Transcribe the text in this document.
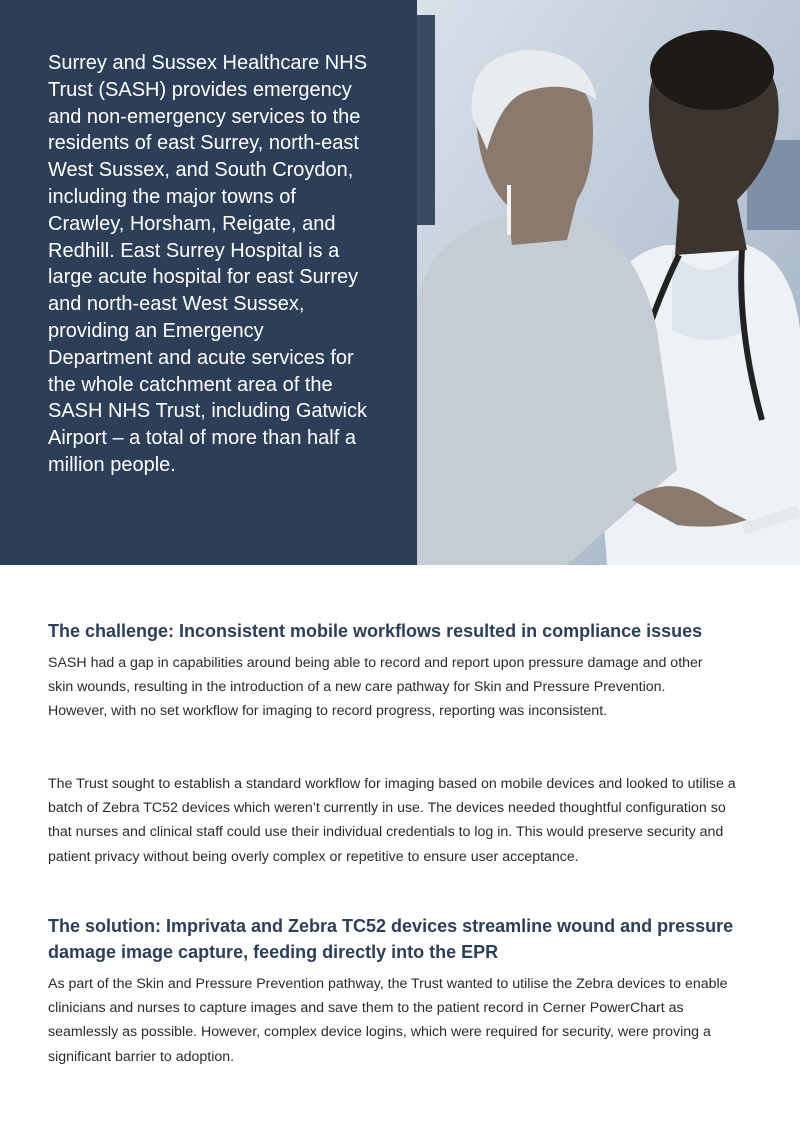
Surrey and Sussex Healthcare NHS Trust (SASH) provides emergency and non-emergency services to the residents of east Surrey, north-east West Sussex, and South Croydon, including the major towns of Crawley, Horsham, Reigate, and Redhill. East Surrey Hospital is a large acute hospital for east Surrey and north-east West Sussex, providing an Emergency Department and acute services for the whole catchment area of the SASH NHS Trust, including Gatwick Airport – a total of more than half a million people.

The challenge: Inconsistent mobile workflows resulted in compliance issues

SASH had a gap in capabilities around being able to record and report upon pressure damage and other skin wounds, resulting in the introduction of a new care pathway for Skin and Pressure Prevention. However, with no set workflow for imaging to record progress, reporting was inconsistent.

The Trust sought to establish a standard workflow for imaging based on mobile devices and looked to utilise a batch of Zebra TC52 devices which weren’t currently in use. The devices needed thoughtful configuration so that nurses and clinical staff could use their individual credentials to log in. This would preserve security and patient privacy without being overly complex or repetitive to ensure user acceptance.

The solution: Imprivata and Zebra TC52 devices streamline wound and pressure damage image capture, feeding directly into the EPR

As part of the Skin and Pressure Prevention pathway, the Trust wanted to utilise the Zebra devices to enable clinicians and nurses to capture images and save them to the patient record in Cerner PowerChart as seamlessly as possible. However, complex device logins, which were required for security, were proving a significant barrier to adoption.
